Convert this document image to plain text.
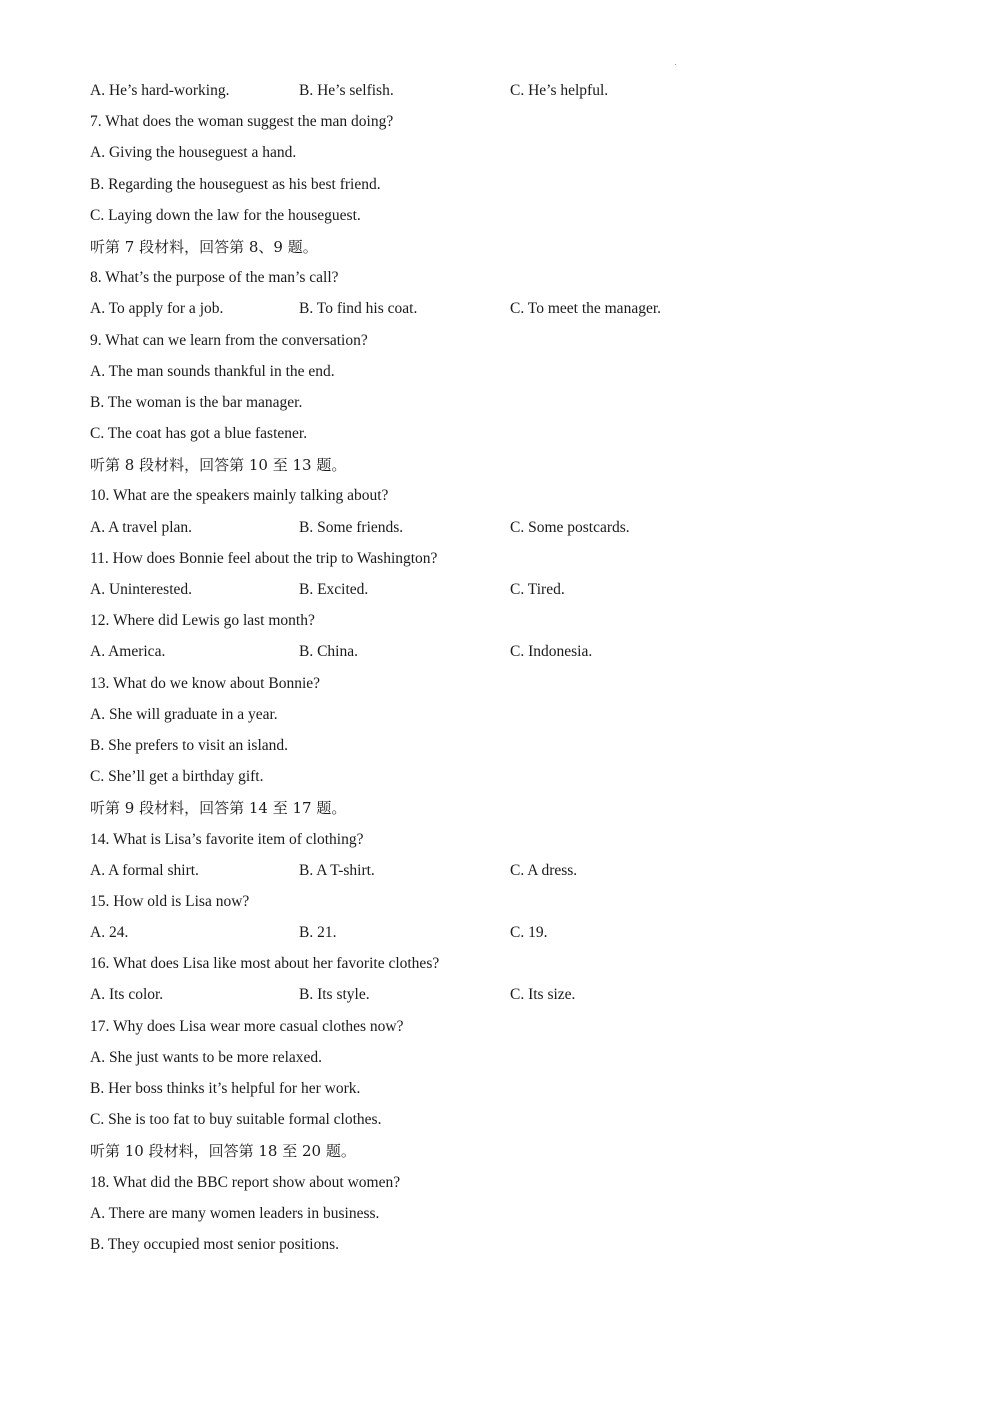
A. He’s hard-working.	B. He’s selfish.	C. He’s helpful.
7. What does the woman suggest the man doing?
A. Giving the houseguest a hand.
B. Regarding the houseguest as his best friend.
C. Laying down the law for the houseguest.
听第 7 段材料，回答第 8、9 题。
8. What’s the purpose of the man’s call?
A. To apply for a job.	B. To find his coat.	C. To meet the manager.
9. What can we learn from the conversation?
A. The man sounds thankful in the end.
B. The woman is the bar manager.
C. The coat has got a blue fastener.
听第 8 段材料，回答第 10 至 13 题。
10. What are the speakers mainly talking about?
A. A travel plan.	B. Some friends.	C. Some postcards.
11. How does Bonnie feel about the trip to Washington?
A. Uninterested.	B. Excited.	C. Tired.
12. Where did Lewis go last month?
A. America.	B. China.	C. Indonesia.
13. What do we know about Bonnie?
A. She will graduate in a year.
B. She prefers to visit an island.
C. She’ll get a birthday gift.
听第 9 段材料，回答第 14 至 17 题。
14. What is Lisa’s favorite item of clothing?
A. A formal shirt.	B. A T-shirt.	C. A dress.
15. How old is Lisa now?
A. 24.	B. 21.	C. 19.
16. What does Lisa like most about her favorite clothes?
A. Its color.	B. Its style.	C. Its size.
17. Why does Lisa wear more casual clothes now?
A. She just wants to be more relaxed.
B. Her boss thinks it’s helpful for her work.
C. She is too fat to buy suitable formal clothes.
听第 10 段材料，回答第 18 至 20 题。
18. What did the BBC report show about women?
A. There are many women leaders in business.
B. They occupied most senior positions.
